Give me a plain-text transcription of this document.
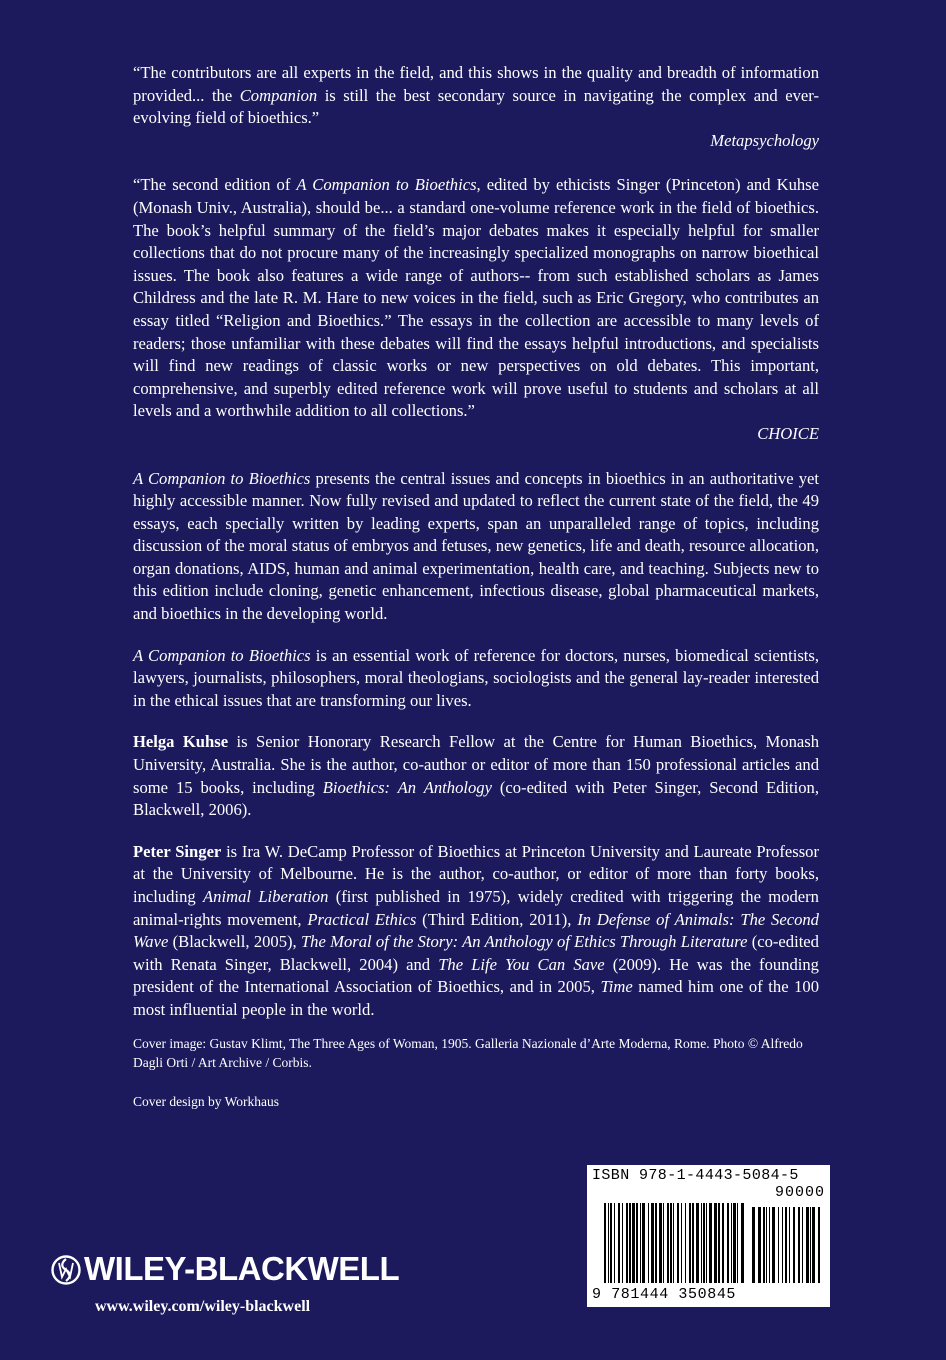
“The contributors are all experts in the field, and this shows in the quality and breadth of information provided... the Companion is still the best secondary source in navigating the complex and ever-evolving field of bioethics.”

Metapsychology

“The second edition of A Companion to Bioethics, edited by ethicists Singer (Princeton) and Kuhse (Monash Univ., Australia), should be... a standard one-volume reference work in the field of bioethics. The book’s helpful summary of the field’s major debates makes it especially helpful for smaller collections that do not procure many of the increasingly specialized monographs on narrow bioethical issues. The book also features a wide range of authors-- from such established scholars as James Childress and the late R. M. Hare to new voices in the field, such as Eric Gregory, who contributes an essay titled “Religion and Bioethics.” The essays in the collection are accessible to many levels of readers; those unfamiliar with these debates will find the essays helpful introductions, and specialists will find new readings of classic works or new perspectives on old debates. This important, comprehensive, and superbly edited reference work will prove useful to students and scholars at all levels and a worthwhile addition to all collections.”

CHOICE

A Companion to Bioethics presents the central issues and concepts in bioethics in an authoritative yet highly accessible manner. Now fully revised and updated to reflect the current state of the field, the 49 essays, each specially written by leading experts, span an unparalleled range of topics, including discussion of the moral status of embryos and fetuses, new genetics, life and death, resource allocation, organ donations, AIDS, human and animal experimentation, health care, and teaching. Subjects new to this edition include cloning, genetic enhancement, infectious disease, global pharmaceutical markets, and bioethics in the developing world.

A Companion to Bioethics is an essential work of reference for doctors, nurses, biomedical scientists, lawyers, journalists, philosophers, moral theologians, sociologists and the general lay-reader interested in the ethical issues that are transforming our lives.

Helga Kuhse is Senior Honorary Research Fellow at the Centre for Human Bioethics, Monash University, Australia. She is the author, co-author or editor of more than 150 professional articles and some 15 books, including Bioethics: An Anthology (co-edited with Peter Singer, Second Edition, Blackwell, 2006).

Peter Singer is Ira W. DeCamp Professor of Bioethics at Princeton University and Laureate Professor at the University of Melbourne. He is the author, co-author, or editor of more than forty books, including Animal Liberation (first published in 1975), widely credited with triggering the modern animal-rights movement, Practical Ethics (Third Edition, 2011), In Defense of Animals: The Second Wave (Blackwell, 2005), The Moral of the Story: An Anthology of Ethics Through Literature (co-edited with Renata Singer, Blackwell, 2004) and The Life You Can Save (2009). He was the founding president of the International Association of Bioethics, and in 2005, Time named him one of the 100 most influential people in the world.

Cover image: Gustav Klimt, The Three Ages of Woman, 1905. Galleria Nazionale d’Arte Moderna, Rome. Photo © Alfredo Dagli Orti / Art Archive / Corbis.

Cover design by Workhaus

WILEY-BLACKWELL
www.wiley.com/wiley-blackwell
ISBN 978-1-4443-5084-5
90000
9 781444 350845
